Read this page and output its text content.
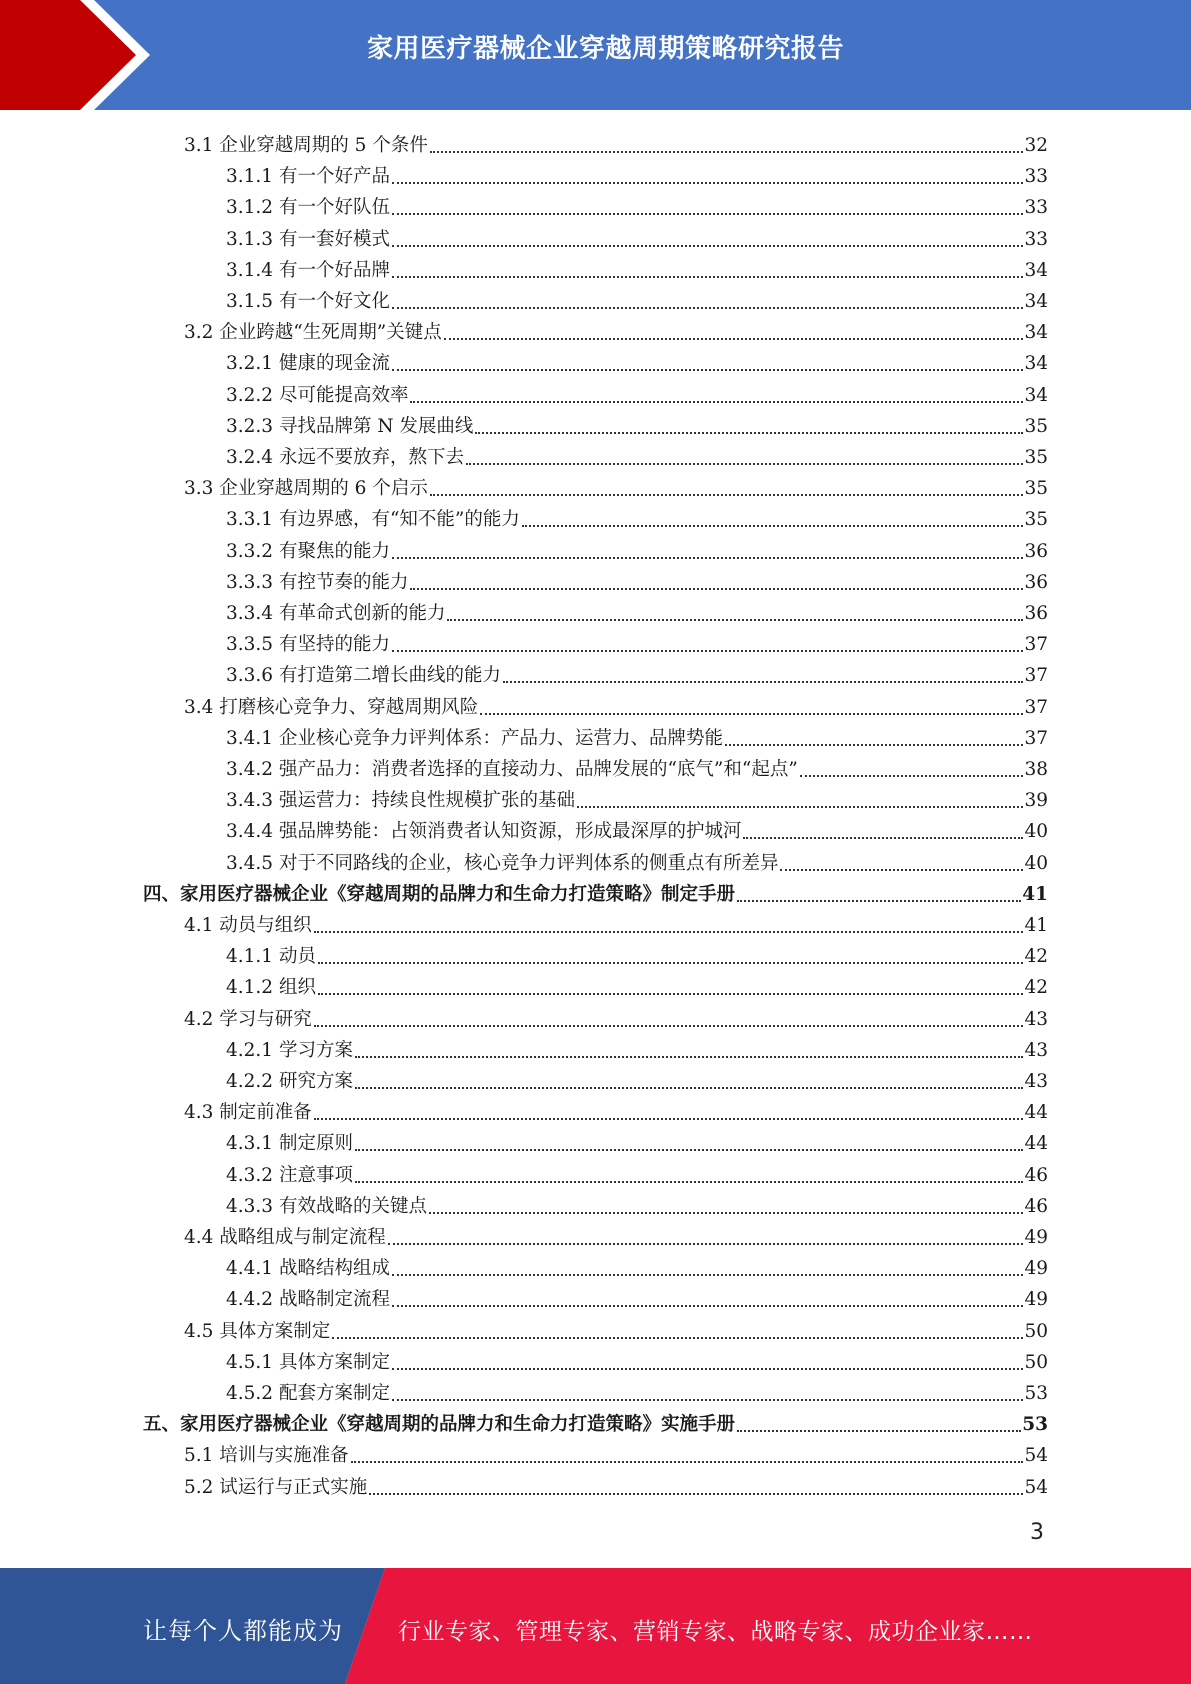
家用医疗器械企业穿越周期策略研究报告
3.1 企业穿越周期的 5 个条件	32
3.1.1 有一个好产品	33
3.1.2 有一个好队伍	33
3.1.3 有一套好模式	33
3.1.4 有一个好品牌	34
3.1.5 有一个好文化	34
3.2 企业跨越“生死周期”关键点	34
3.2.1 健康的现金流	34
3.2.2 尽可能提高效率	34
3.2.3 寻找品牌第 N 发展曲线	35
3.2.4 永远不要放弃，熬下去	35
3.3 企业穿越周期的 6 个启示	35
3.3.1 有边界感，有“知不能”的能力	35
3.3.2 有聚焦的能力	36
3.3.3 有控节奏的能力	36
3.3.4 有革命式创新的能力	36
3.3.5 有坚持的能力	37
3.3.6 有打造第二增长曲线的能力	37
3.4 打磨核心竞争力、穿越周期风险	37
3.4.1 企业核心竞争力评判体系：产品力、运营力、品牌势能	37
3.4.2 强产品力：消费者选择的直接动力、品牌发展的“底气”和“起点”	38
3.4.3 强运营力：持续良性规模扩张的基础	39
3.4.4 强品牌势能：占领消费者认知资源，形成最深厚的护城河	40
3.4.5 对于不同路线的企业，核心竞争力评判体系的侧重点有所差异	40
四、家用医疗器械企业《穿越周期的品牌力和生命力打造策略》制定手册	41
4.1 动员与组织	41
4.1.1 动员	42
4.1.2 组织	42
4.2 学习与研究	43
4.2.1 学习方案	43
4.2.2 研究方案	43
4.3 制定前准备	44
4.3.1 制定原则	44
4.3.2 注意事项	46
4.3.3 有效战略的关键点	46
4.4 战略组成与制定流程	49
4.4.1 战略结构组成	49
4.4.2 战略制定流程	49
4.5 具体方案制定	50
4.5.1 具体方案制定	50
4.5.2 配套方案制定	53
五、家用医疗器械企业《穿越周期的品牌力和生命力打造策略》实施手册	53
5.1 培训与实施准备	54
5.2 试运行与正式实施	54
3
让每个人都能成为 行业专家、管理专家、营销专家、战略专家、成功企业家……
